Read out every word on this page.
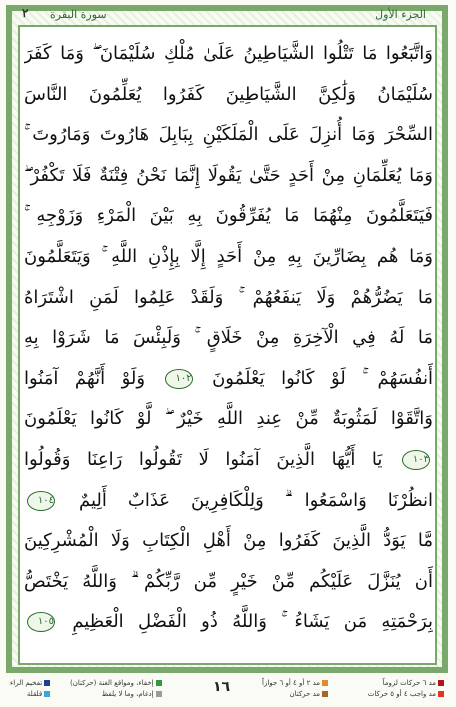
الجزء الأول
سورة البقرة
٢
وَاتَّبَعُوا مَا تَتْلُوا الشَّيَاطِينُ عَلَىٰ مُلْكِ سُلَيْمَانَ ۖ وَمَا كَفَرَ
سُلَيْمَانُ وَلَٰكِنَّ الشَّيَاطِينَ كَفَرُوا يُعَلِّمُونَ النَّاسَ
السِّحْرَ وَمَا أُنزِلَ عَلَى الْمَلَكَيْنِ بِبَابِلَ هَارُوتَ وَمَارُوتَ ۚ
وَمَا يُعَلِّمَانِ مِنْ أَحَدٍ حَتَّىٰ يَقُولَا إِنَّمَا نَحْنُ فِتْنَةٌ فَلَا تَكْفُرْ ۖ
فَيَتَعَلَّمُونَ مِنْهُمَا مَا يُفَرِّقُونَ بِهِ بَيْنَ الْمَرْءِ وَزَوْجِهِ ۚ
وَمَا هُم بِضَارِّينَ بِهِ مِنْ أَحَدٍ إِلَّا بِإِذْنِ اللَّهِ ۚ وَيَتَعَلَّمُونَ
مَا يَضُرُّهُمْ وَلَا يَنفَعُهُمْ ۚ وَلَقَدْ عَلِمُوا لَمَنِ اشْتَرَاهُ
مَا لَهُ فِي الْآخِرَةِ مِنْ خَلَاقٍ ۚ وَلَبِئْسَ مَا شَرَوْا بِهِ
أَنفُسَهُمْ ۚ لَوْ كَانُوا يَعْلَمُونَ ١٠٢ وَلَوْ أَنَّهُمْ آمَنُوا
وَاتَّقَوْا لَمَثُوبَةٌ مِّنْ عِندِ اللَّهِ خَيْرٌ ۖ لَّوْ كَانُوا يَعْلَمُونَ
١٠٣ يَا أَيُّهَا الَّذِينَ آمَنُوا لَا تَقُولُوا رَاعِنَا وَقُولُوا
انظُرْنَا وَاسْمَعُوا ۗ وَلِلْكَافِرِينَ عَذَابٌ أَلِيمٌ ١٠٤
مَّا يَوَدُّ الَّذِينَ كَفَرُوا مِنْ أَهْلِ الْكِتَابِ وَلَا الْمُشْرِكِينَ
أَن يُنَزَّلَ عَلَيْكُم مِّنْ خَيْرٍ مِّن رَّبِّكُمْ ۗ وَاللَّهُ يَخْتَصُّ
بِرَحْمَتِهِ مَن يَشَاءُ ۚ وَاللَّهُ ذُو الْفَضْلِ الْعَظِيمِ ١٠٥
مد ٦ حركات لزوماً
مد واجب ٤ أو ٥ حركات
مد ٢ أو ٤ أو ٦ جوازاً
مد حركتان
١٦
إخفاء، ومواقع الغنة (حركتان)
إدغام، وما لا يلفظ
تفخيم الراء
قلقلة
